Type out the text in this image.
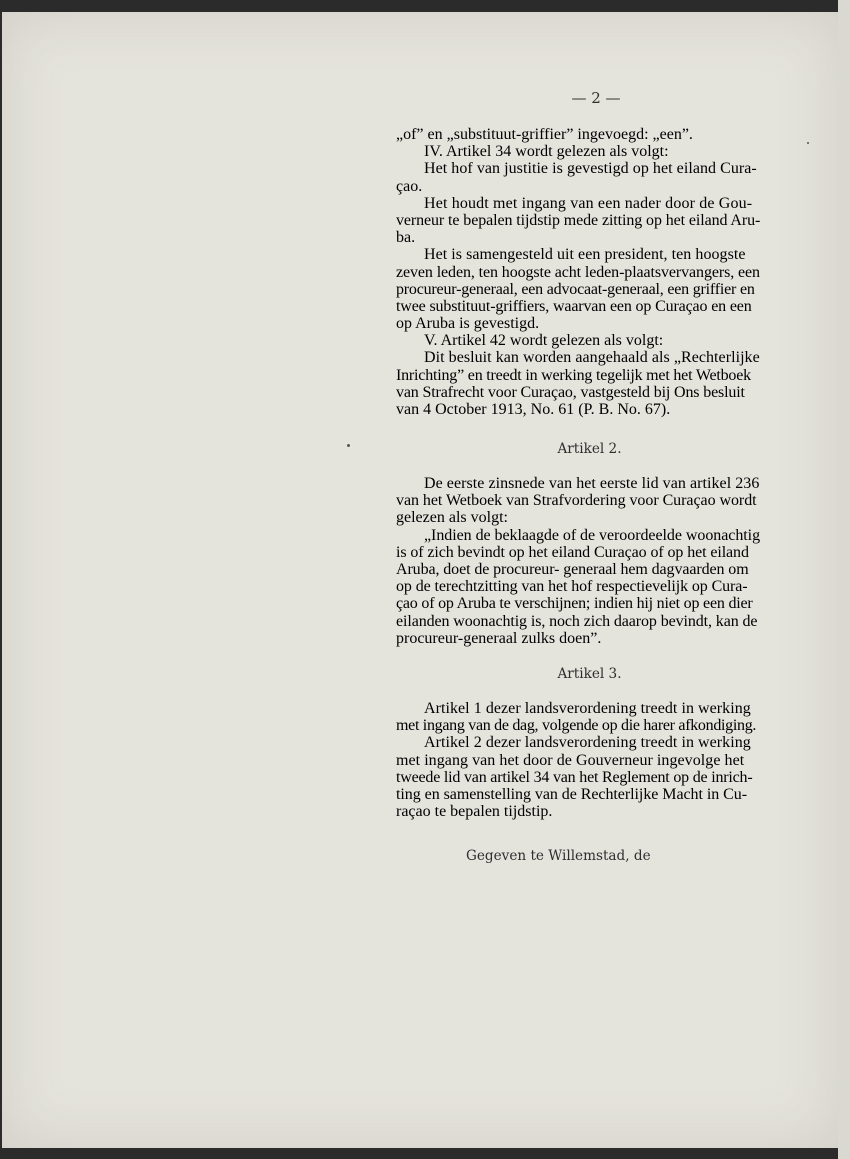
— 2 —
„of” en „substituut-griffier” ingevoegd: „een”.
IV. Artikel 34 wordt gelezen als volgt:
Het hof van justitie is gevestigd op het eiland Cura-
çao.
Het houdt met ingang van een nader door de Gou-
verneur te bepalen tijdstip mede zitting op het eiland Aru-
ba.
Het is samengesteld uit een president, ten hoogste
zeven leden, ten hoogste acht leden-plaatsvervangers, een
procureur-generaal, een advocaat-generaal, een griffier en
twee substituut-griffiers, waarvan een op Curaçao en een
op Aruba is gevestigd.
V. Artikel 42 wordt gelezen als volgt:
Dit besluit kan worden aangehaald als „Rechterlijke
Inrichting” en treedt in werking tegelijk met het Wetboek
van Strafrecht voor Curaçao, vastgesteld bij Ons besluit
van 4 October 1913, No. 61 (P. B. No. 67).
Artikel 2.
De eerste zinsnede van het eerste lid van artikel 236
van het Wetboek van Strafvordering voor Curaçao wordt
gelezen als volgt:
„Indien de beklaagde of de veroordeelde woonachtig
is of zich bevindt op het eiland Curaçao of op het eiland
Aruba, doet de procureur- generaal hem dagvaarden om
op de terechtzitting van het hof respectievelijk op Cura-
çao of op Aruba te verschijnen; indien hij niet op een dier
eilanden woonachtig is, noch zich daarop bevindt, kan de
procureur-generaal zulks doen”.
Artikel 3.
Artikel 1 dezer landsverordening treedt in werking
met ingang van de dag, volgende op die harer afkondiging.
Artikel 2 dezer landsverordening treedt in werking
met ingang van het door de Gouverneur ingevolge het
tweede lid van artikel 34 van het Reglement op de inrich-
ting en samenstelling van de Rechterlijke Macht in Cu-
raçao te bepalen tijdstip.
Gegeven te Willemstad, de
